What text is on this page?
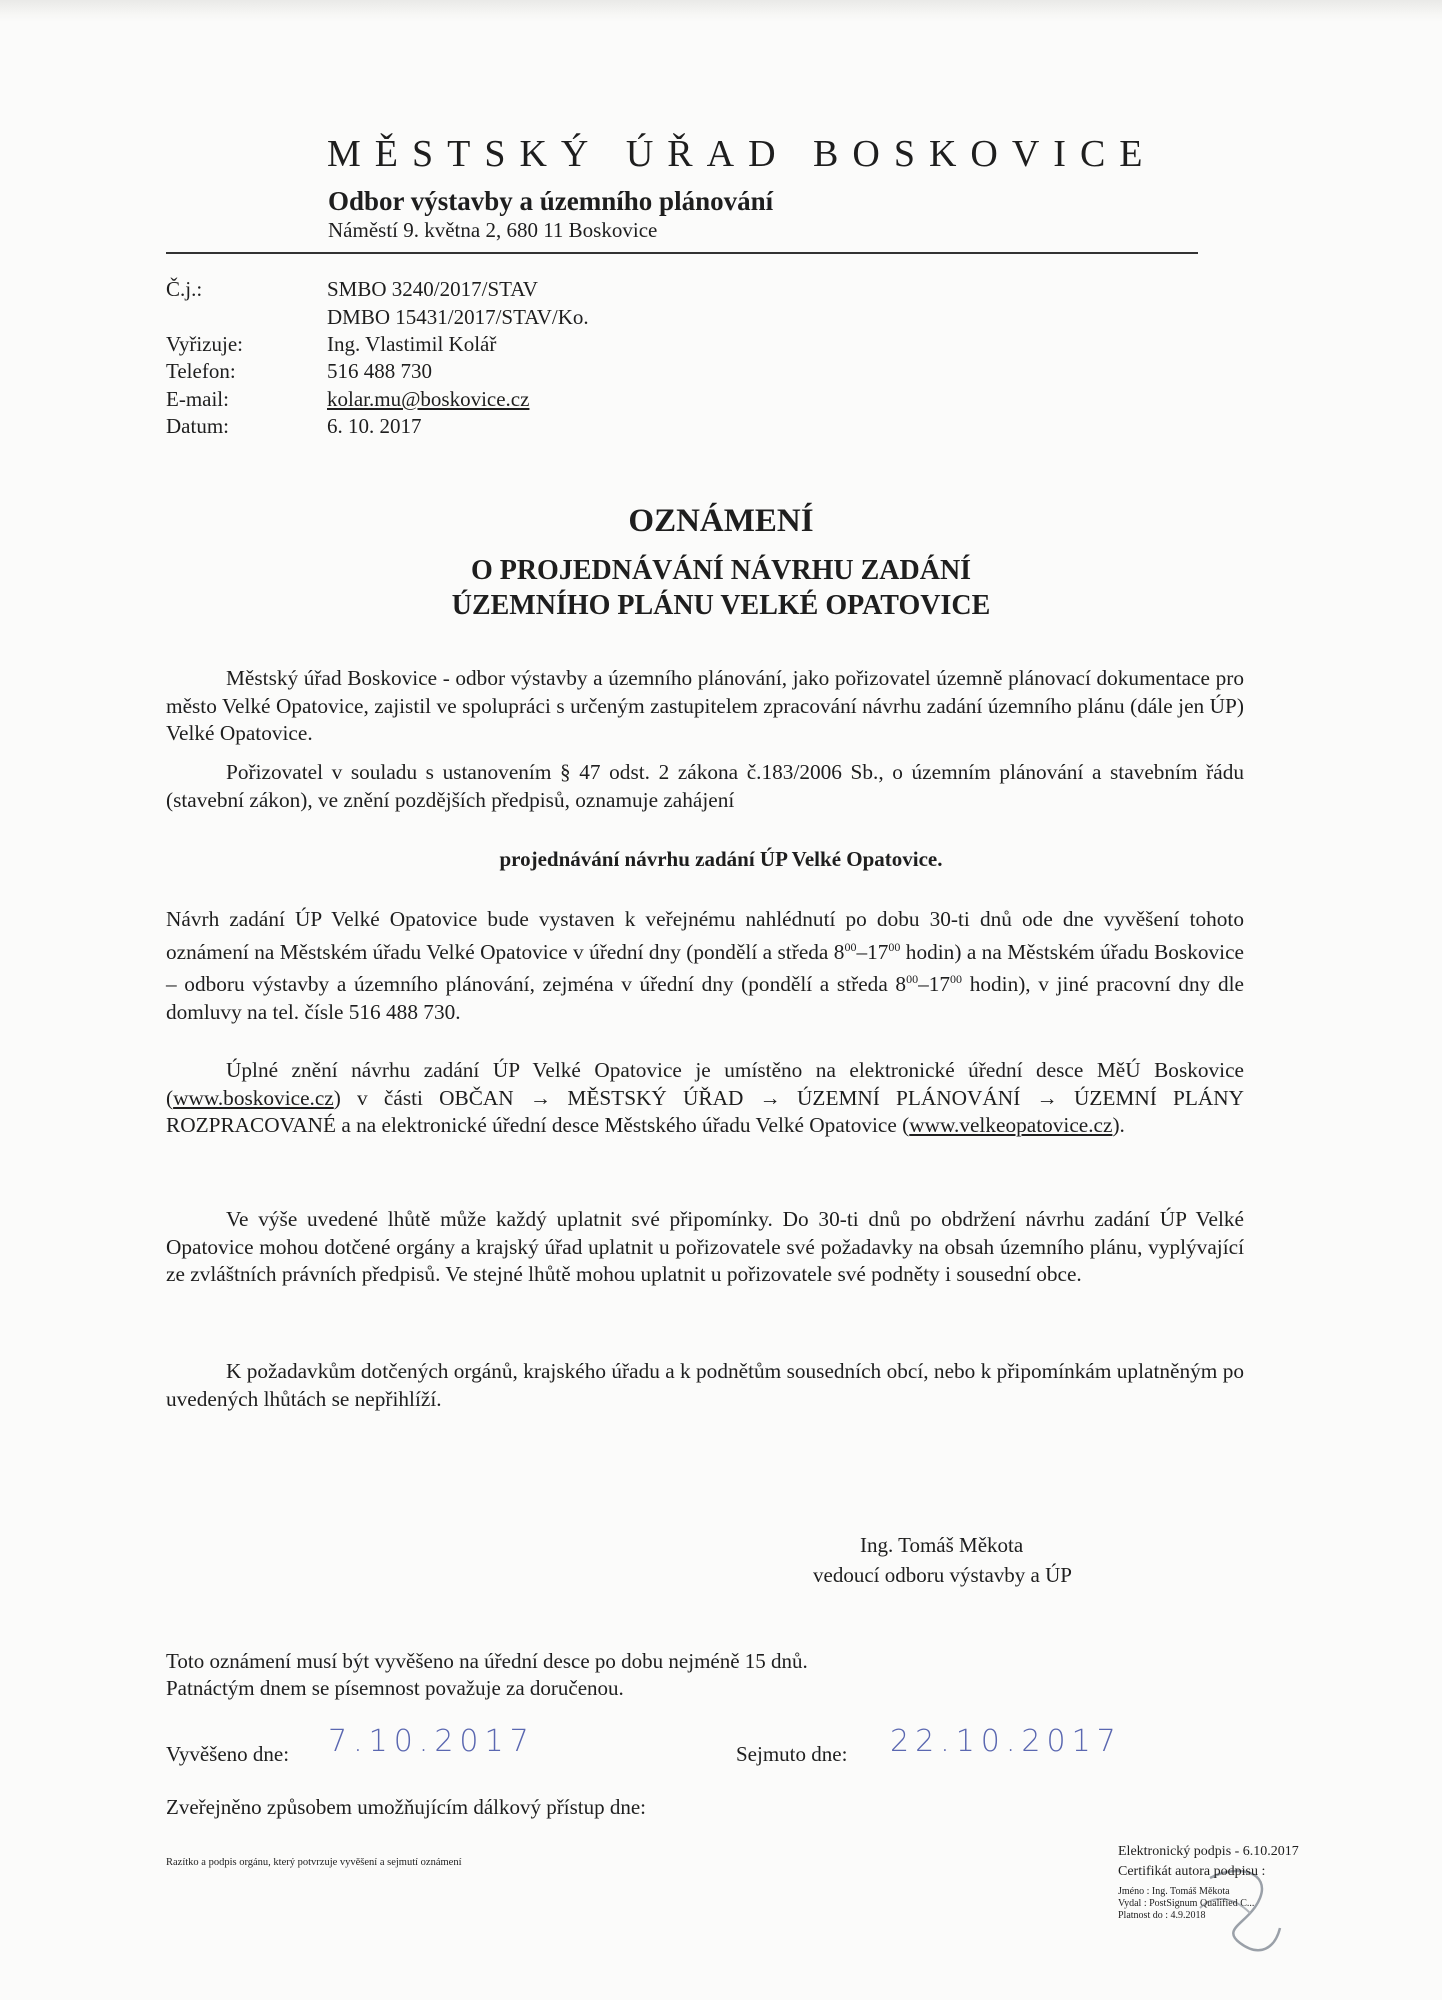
MĚSTSKÝ ÚŘAD BOSKOVICE
Odbor výstavby a územního plánování
Náměstí 9. května 2, 680 11 Boskovice
Č.j.:	SMBO 3240/2017/STAV
DMBO 15431/2017/STAV/Ko.
Vyřizuje:	Ing. Vlastimil Kolář
Telefon:	516 488 730
E-mail:	kolar.mu@boskovice.cz
Datum:	6. 10. 2017
OZNÁMENÍ
O PROJEDNÁVÁNÍ NÁVRHU ZADÁNÍ
ÚZEMNÍHO PLÁNU VELKÉ OPATOVICE
Městský úřad Boskovice - odbor výstavby a územního plánování, jako pořizovatel územně plánovací dokumentace pro město Velké Opatovice, zajistil ve spolupráci s určeným zastupitelem zpracování návrhu zadání územního plánu (dále jen ÚP) Velké Opatovice.
Pořizovatel v souladu s ustanovením § 47 odst. 2 zákona č.183/2006 Sb., o územním plánování a stavebním řádu (stavební zákon), ve znění pozdějších předpisů, oznamuje zahájení
projednávání návrhu zadání ÚP Velké Opatovice.
Návrh zadání ÚP Velké Opatovice bude vystaven k veřejnému nahlédnutí po dobu 30-ti dnů ode dne vyvěšení tohoto oznámení na Městském úřadu Velké Opatovice v úřední dny (pondělí a středa $8^{00}-17^{00}$ hodin) a na Městském úřadu Boskovice – odboru výstavby a územního plánování, zejména v úřední dny (pondělí a středa $8^{00}-17^{00}$ hodin), v jiné pracovní dny dle domluvy na tel. čísle 516 488 730.
Úplné znění návrhu zadání ÚP Velké Opatovice je umístěno na elektronické úřední desce MěÚ Boskovice (www.boskovice.cz) v části OBČAN → MĚSTSKÝ ÚŘAD → ÚZEMNÍ PLÁNOVÁNÍ → ÚZEMNÍ PLÁNY ROZPRACOVANÉ a na elektronické úřední desce Městského úřadu Velké Opatovice (www.velkeopatovice.cz).
Ve výše uvedené lhůtě může každý uplatnit své připomínky. Do 30-ti dnů po obdržení návrhu zadání ÚP Velké Opatovice mohou dotčené orgány a krajský úřad uplatnit u pořizovatele své požadavky na obsah územního plánu, vyplývající ze zvláštních právních předpisů. Ve stejné lhůtě mohou uplatnit u pořizovatele své podněty i sousední obce.
K požadavkům dotčených orgánů, krajského úřadu a k podnětům sousedních obcí, nebo k připomínkám uplatněným po uvedených lhůtách se nepřihlíží.
Ing. Tomáš Měkota
vedoucí odboru výstavby a ÚP
Toto oznámení musí být vyvěšeno na úřední desce po dobu nejméně 15 dnů.
Patnáctým dnem se písemnost považuje za doručenou.
Vyvěšeno dne: 7.10.2017	Sejmuto dne: 22.10.2017
Zveřejněno způsobem umožňujícím dálkový přístup dne:
Razítko a podpis orgánu, který potvrzuje vyvěšení a sejmutí oznámení
Elektronický podpis - 6.10.2017
Certifikát autora podpisu :
Jméno : Ing. Tomáš Měkota
Vydal : PostSignum Qualified C...
Platnost do : 4.9.2018
